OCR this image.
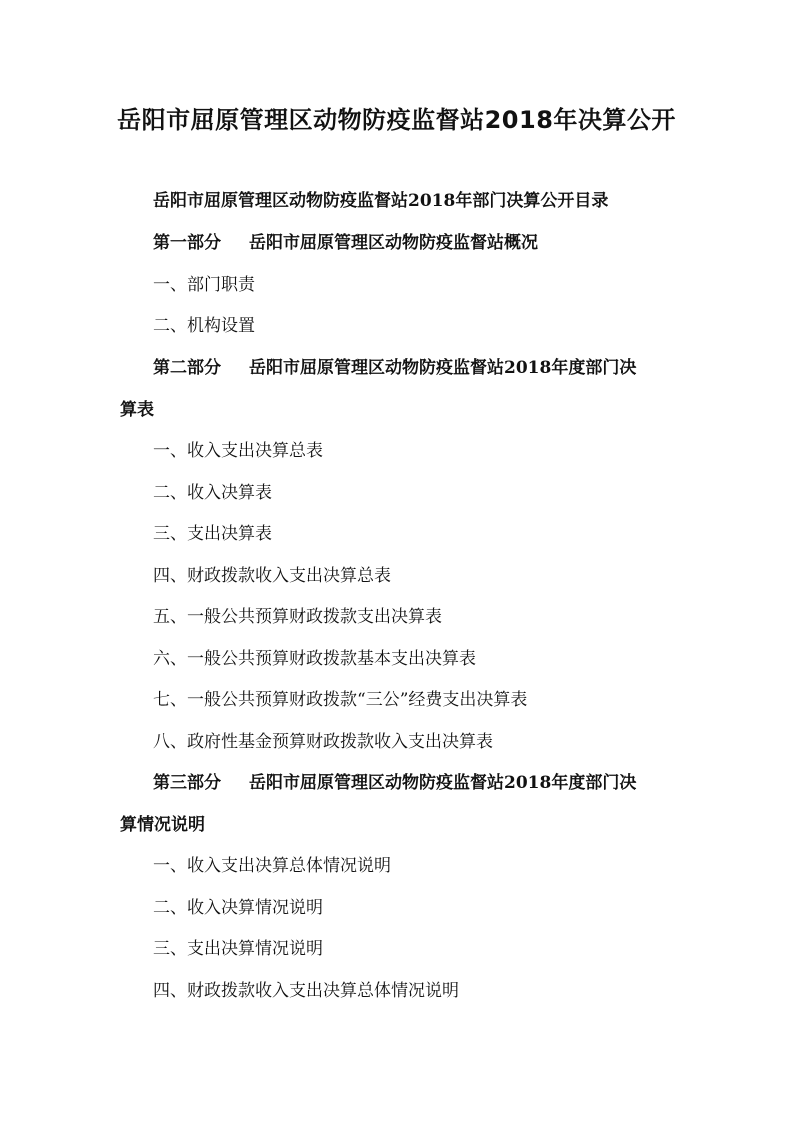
岳阳市屈原管理区动物防疫监督站2018年决算公开
岳阳市屈原管理区动物防疫监督站2018年部门决算公开目录
第一部分 岳阳市屈原管理区动物防疫监督站概况
一、部门职责
二、机构设置
第二部分 岳阳市屈原管理区动物防疫监督站2018年度部门决
算表
一、收入支出决算总表
二、收入决算表
三、支出决算表
四、财政拨款收入支出决算总表
五、一般公共预算财政拨款支出决算表
六、一般公共预算财政拨款基本支出决算表
七、一般公共预算财政拨款“三公”经费支出决算表
八、政府性基金预算财政拨款收入支出决算表
第三部分 岳阳市屈原管理区动物防疫监督站2018年度部门决
算情况说明
一、收入支出决算总体情况说明
二、收入决算情况说明
三、支出决算情况说明
四、财政拨款收入支出决算总体情况说明
